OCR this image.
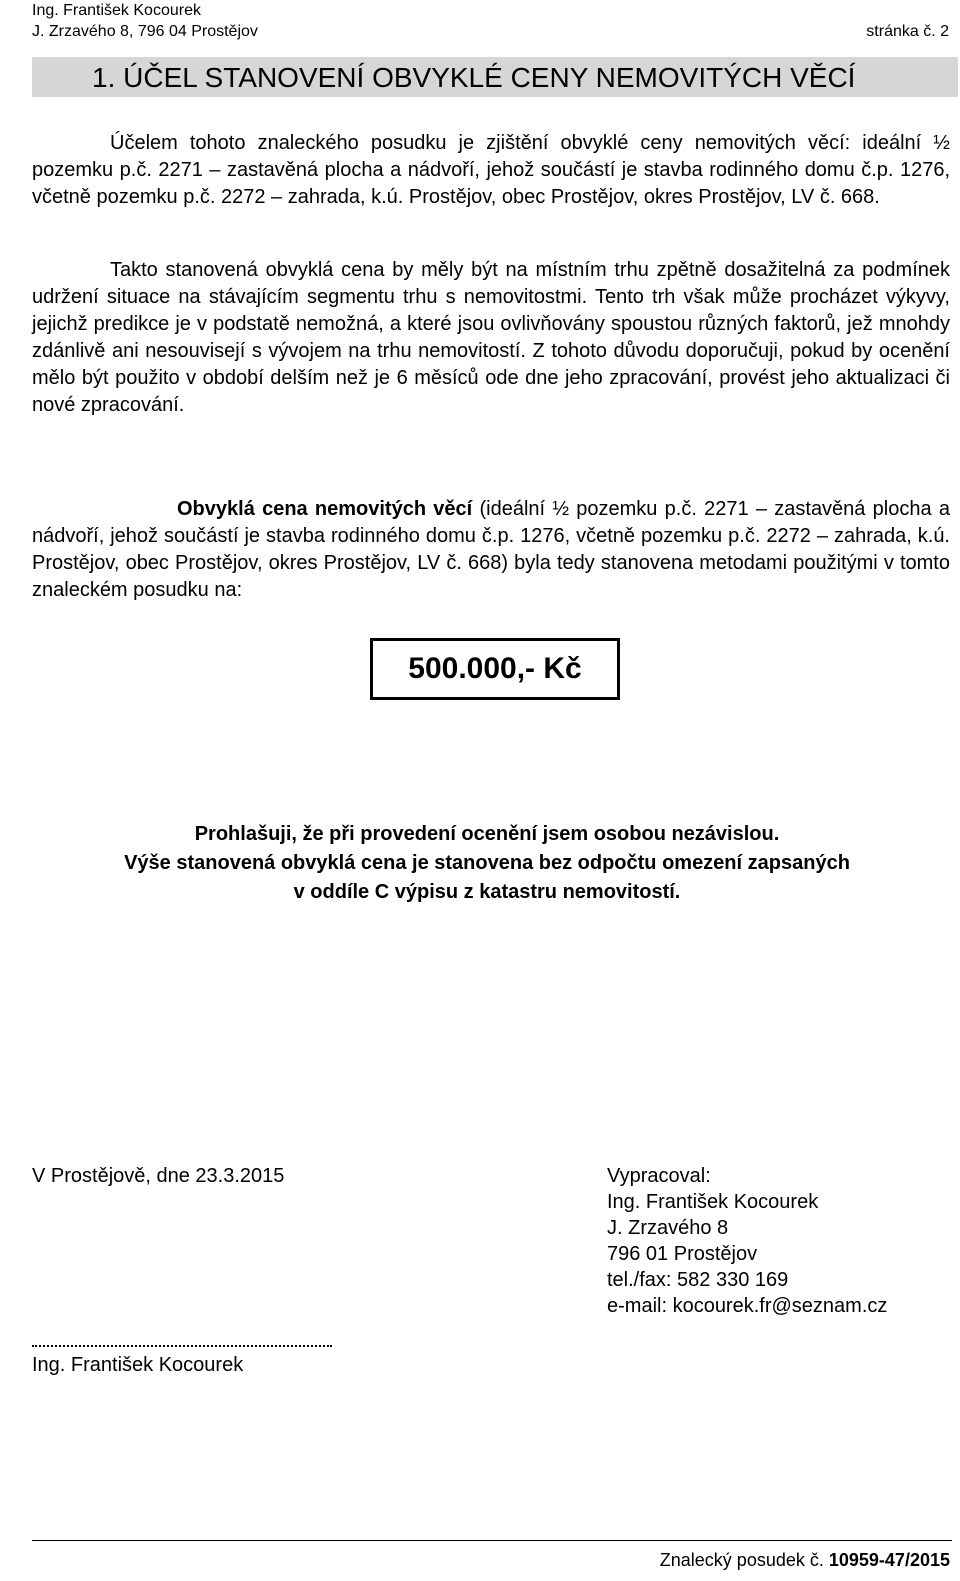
Ing. František Kocourek
J. Zrzavého 8, 796 04 Prostějov	stránka č. 2
1. ÚČEL STANOVENÍ OBVYKLÉ CENY NEMOVITÝCH VĚCÍ
Účelem tohoto znaleckého posudku je zjištění obvyklé ceny nemovitých věcí: ideální ½ pozemku p.č. 2271 – zastavěná plocha a nádvoří, jehož součástí je stavba rodinného domu č.p. 1276, včetně pozemku p.č. 2272 – zahrada, k.ú. Prostějov, obec Prostějov, okres Prostějov, LV č. 668.
Takto stanovená obvyklá cena by měly být na místním trhu zpětně dosažitelná za podmínek udržení situace na stávajícím segmentu trhu s nemovitostmi. Tento trh však může procházet výkyvy, jejichž predikce je v podstatě nemožná, a které jsou ovlivňovány spoustou různých faktorů, jež mnohdy zdánlivě ani nesouvisejí s vývojem na trhu nemovitostí. Z tohoto důvodu doporučuji, pokud by ocenění mělo být použito v období delším než je 6 měsíců ode dne jeho zpracování, provést jeho aktualizaci či nové zpracování.
Obvyklá cena nemovitých věcí (ideální ½ pozemku p.č. 2271 – zastavěná plocha a nádvoří, jehož součástí je stavba rodinného domu č.p. 1276, včetně pozemku p.č. 2272 – zahrada, k.ú. Prostějov, obec Prostějov, okres Prostějov, LV č. 668) byla tedy stanovena metodami použitými v tomto znaleckém posudku na:
500.000,- Kč
Prohlašuji, že při provedení ocenění jsem osobou nezávislou.
Výše stanovená obvyklá cena je stanovena bez odpočtu omezení zapsaných
v oddíle C výpisu z katastru nemovitostí.
V Prostějově, dne 23.3.2015	Vypracoval:
Ing. František Kocourek
J. Zrzavého 8
796 01 Prostějov
tel./fax: 582 330 169
e-mail: kocourek.fr@seznam.cz
Ing. František Kocourek
Znalecký posudek č. 10959-47/2015
